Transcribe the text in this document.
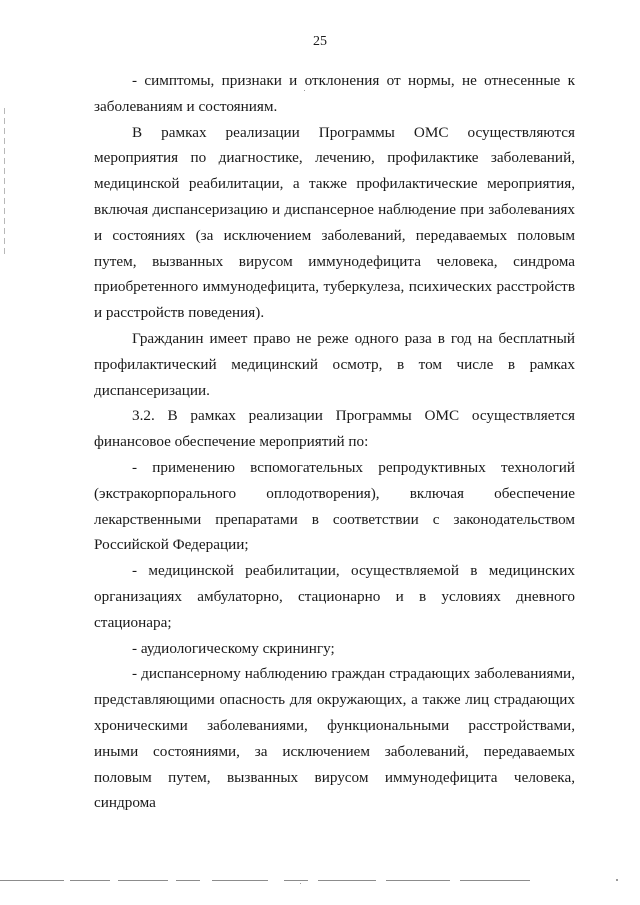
25

- симптомы, признаки и отклонения от нормы, не отнесенные к заболеваниям и состояниям.

В рамках реализации Программы ОМС осуществляются мероприятия по диагностике, лечению, профилактике заболеваний, медицинской реабилитации, а также профилактические мероприятия, включая диспансеризацию и диспансерное наблюдение при заболеваниях и состояниях (за исключением заболеваний, передаваемых половым путем, вызванных вирусом иммунодефицита человека, синдрома приобретенного иммунодефицита, туберкулеза, психических расстройств и расстройств поведения).

Гражданин имеет право не реже одного раза в год на бесплатный профилактический медицинский осмотр, в том числе в рамках диспансеризации.

3.2. В рамках реализации Программы ОМС осуществляется финансовое обеспечение мероприятий по:

- применению вспомогательных репродуктивных технологий (экстракорпорального оплодотворения), включая обеспечение лекарственными препаратами в соответствии с законодательством Российской Федерации;

- медицинской реабилитации, осуществляемой в медицинских организациях амбулаторно, стационарно и в условиях дневного стационара;

- аудиологическому скринингу;

- диспансерному наблюдению граждан страдающих заболеваниями, представляющими опасность для окружающих, а также лиц страдающих хроническими заболеваниями, функциональными расстройствами, иными состояниями, за исключением заболеваний, передаваемых половым путем, вызванных вирусом иммунодефицита человека, синдрома
